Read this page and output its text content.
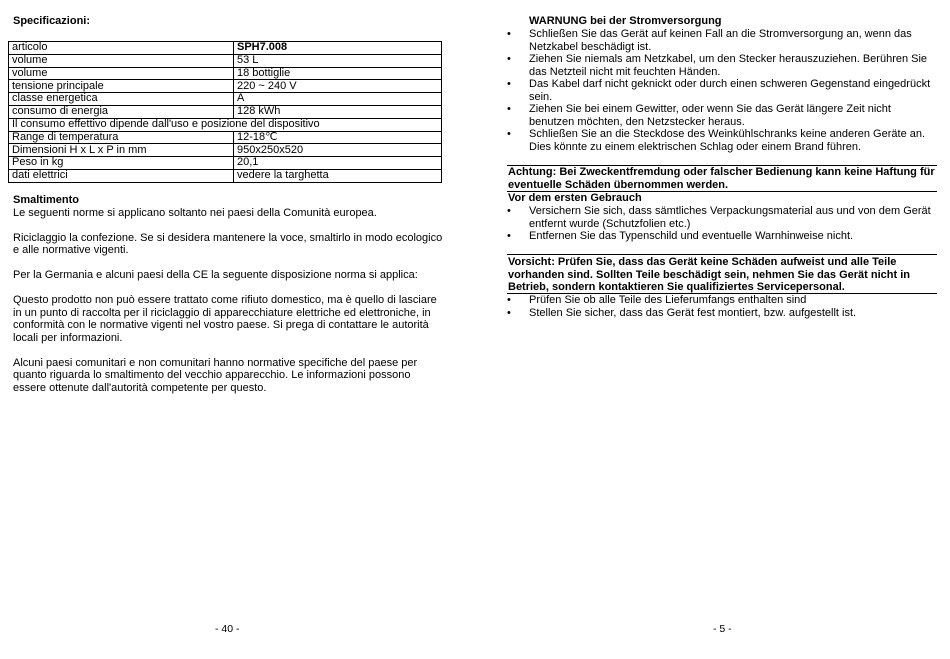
Specificazioni:
articolo	SPH7.008
volume	53 L
volume	18 bottiglie
tensione principale	220 ~ 240 V
classe energetica	A
consumo di energia	128 kWh
Il consumo effettivo dipende dall'uso e posizione del dispositivo	
Range di temperatura	12-18℃
Dimensioni H x L x P in mm	950x250x520
Peso in kg	20,1
dati elettrici	vedere la targhetta
Smaltimento

Le seguenti norme si applicano soltanto nei paesi della Comunità europea.

Riciclaggio la confezione. Se si desidera mantenere la voce, smaltirlo in modo ecologico e alle normative vigenti.

Per la Germania e alcuni paesi della CE la seguente disposizione norma si applica:

Questo prodotto non può essere trattato come rifiuto domestico, ma è quello di lasciare in un punto di raccolta per il riciclaggio di apparecchiature elettriche ed elettroniche, in conformità con le normative vigenti nel vostro paese. Si prega di contattare le autorità locali per informazioni.

Alcuni paesi comunitari e non comunitari hanno normative specifiche del paese per quanto riguarda lo smaltimento del vecchio apparecchio. Le informazioni possono essere ottenute dall'autorità competente per questo.

- 40 -
WARNUNG bei der Stromversorgung
• Schließen Sie das Gerät auf keinen Fall an die Stromversorgung an, wenn das Netzkabel beschädigt ist.
• Ziehen Sie niemals am Netzkabel, um den Stecker herauszuziehen. Berühren Sie das Netzteil nicht mit feuchten Händen.
• Das Kabel darf nicht geknickt oder durch einen schweren Gegenstand eingedrückt sein.
• Ziehen Sie bei einem Gewitter, oder wenn Sie das Gerät längere Zeit nicht benutzen möchten, den Netzstecker heraus.
• Schließen Sie an die Steckdose des Weinkühlschranks keine anderen Geräte an. Dies könnte zu einem elektrischen Schlag oder einem Brand führen.
Achtung: Bei Zweckentfremdung oder falscher Bedienung kann keine Haftung für eventuelle Schäden übernommen werden.
Vor dem ersten Gebrauch
• Versichern Sie sich, dass sämtliches Verpackungsmaterial aus und von dem Gerät entfernt wurde (Schutzfolien etc.)
• Entfernen Sie das Typenschild und eventuelle Warnhinweise nicht.
Vorsicht: Prüfen Sie, dass das Gerät keine Schäden aufweist und alle Teile vorhanden sind. Sollten Teile beschädigt sein, nehmen Sie das Gerät nicht in Betrieb, sondern kontaktieren Sie qualifiziertes Servicepersonal.
• Prüfen Sie ob alle Teile des Lieferumfangs enthalten sind
• Stellen Sie sicher, dass das Gerät fest montiert, bzw. aufgestellt ist.
- 5 -
